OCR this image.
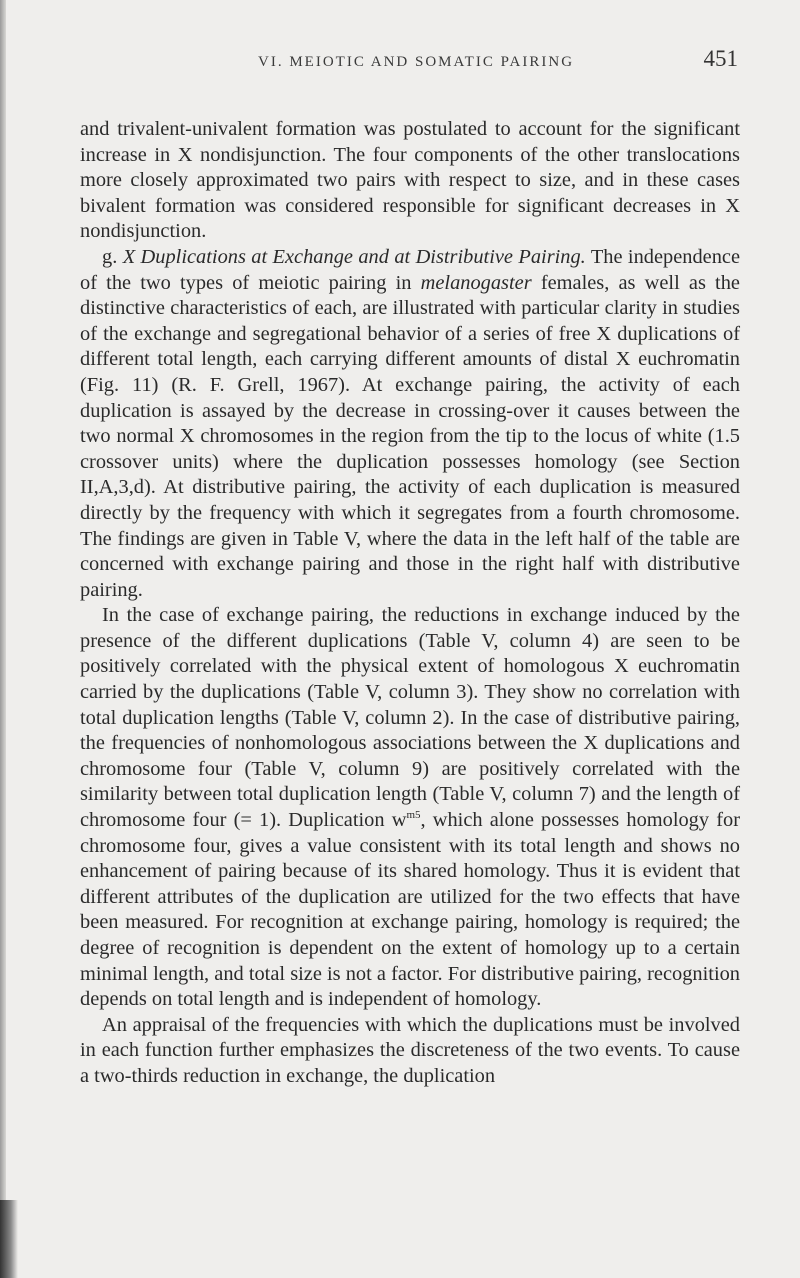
VI. MEIOTIC AND SOMATIC PAIRING	451

and trivalent-univalent formation was postulated to account for the significant increase in X nondisjunction. The four components of the other translocations more closely approximated two pairs with respect to size, and in these cases bivalent formation was considered responsible for significant decreases in X nondisjunction.

g. X Duplications at Exchange and at Distributive Pairing. The independence of the two types of meiotic pairing in melanogaster females, as well as the distinctive characteristics of each, are illustrated with particular clarity in studies of the exchange and segregational behavior of a series of free X duplications of different total length, each carrying different amounts of distal X euchromatin (Fig. 11) (R. F. Grell, 1967). At exchange pairing, the activity of each duplication is assayed by the decrease in crossing-over it causes between the two normal X chromosomes in the region from the tip to the locus of white (1.5 crossover units) where the duplication possesses homology (see Section II,A,3,d). At distributive pairing, the activity of each duplication is measured directly by the frequency with which it segregates from a fourth chromosome. The findings are given in Table V, where the data in the left half of the table are concerned with exchange pairing and those in the right half with distributive pairing.

In the case of exchange pairing, the reductions in exchange induced by the presence of the different duplications (Table V, column 4) are seen to be positively correlated with the physical extent of homologous X euchromatin carried by the duplications (Table V, column 3). They show no correlation with total duplication lengths (Table V, column 2). In the case of distributive pairing, the frequencies of nonhomologous associations between the X duplications and chromosome four (Table V, column 9) are positively correlated with the similarity between total duplication length (Table V, column 7) and the length of chromosome four (= 1). Duplication $w^{m5}$, which alone possesses homology for chromosome four, gives a value consistent with its total length and shows no enhancement of pairing because of its shared homology. Thus it is evident that different attributes of the duplication are utilized for the two effects that have been measured. For recognition at exchange pairing, homology is required; the degree of recognition is dependent on the extent of homology up to a certain minimal length, and total size is not a factor. For distributive pairing, recognition depends on total length and is independent of homology.

An appraisal of the frequencies with which the duplications must be involved in each function further emphasizes the discreteness of the two events. To cause a two-thirds reduction in exchange, the duplication
